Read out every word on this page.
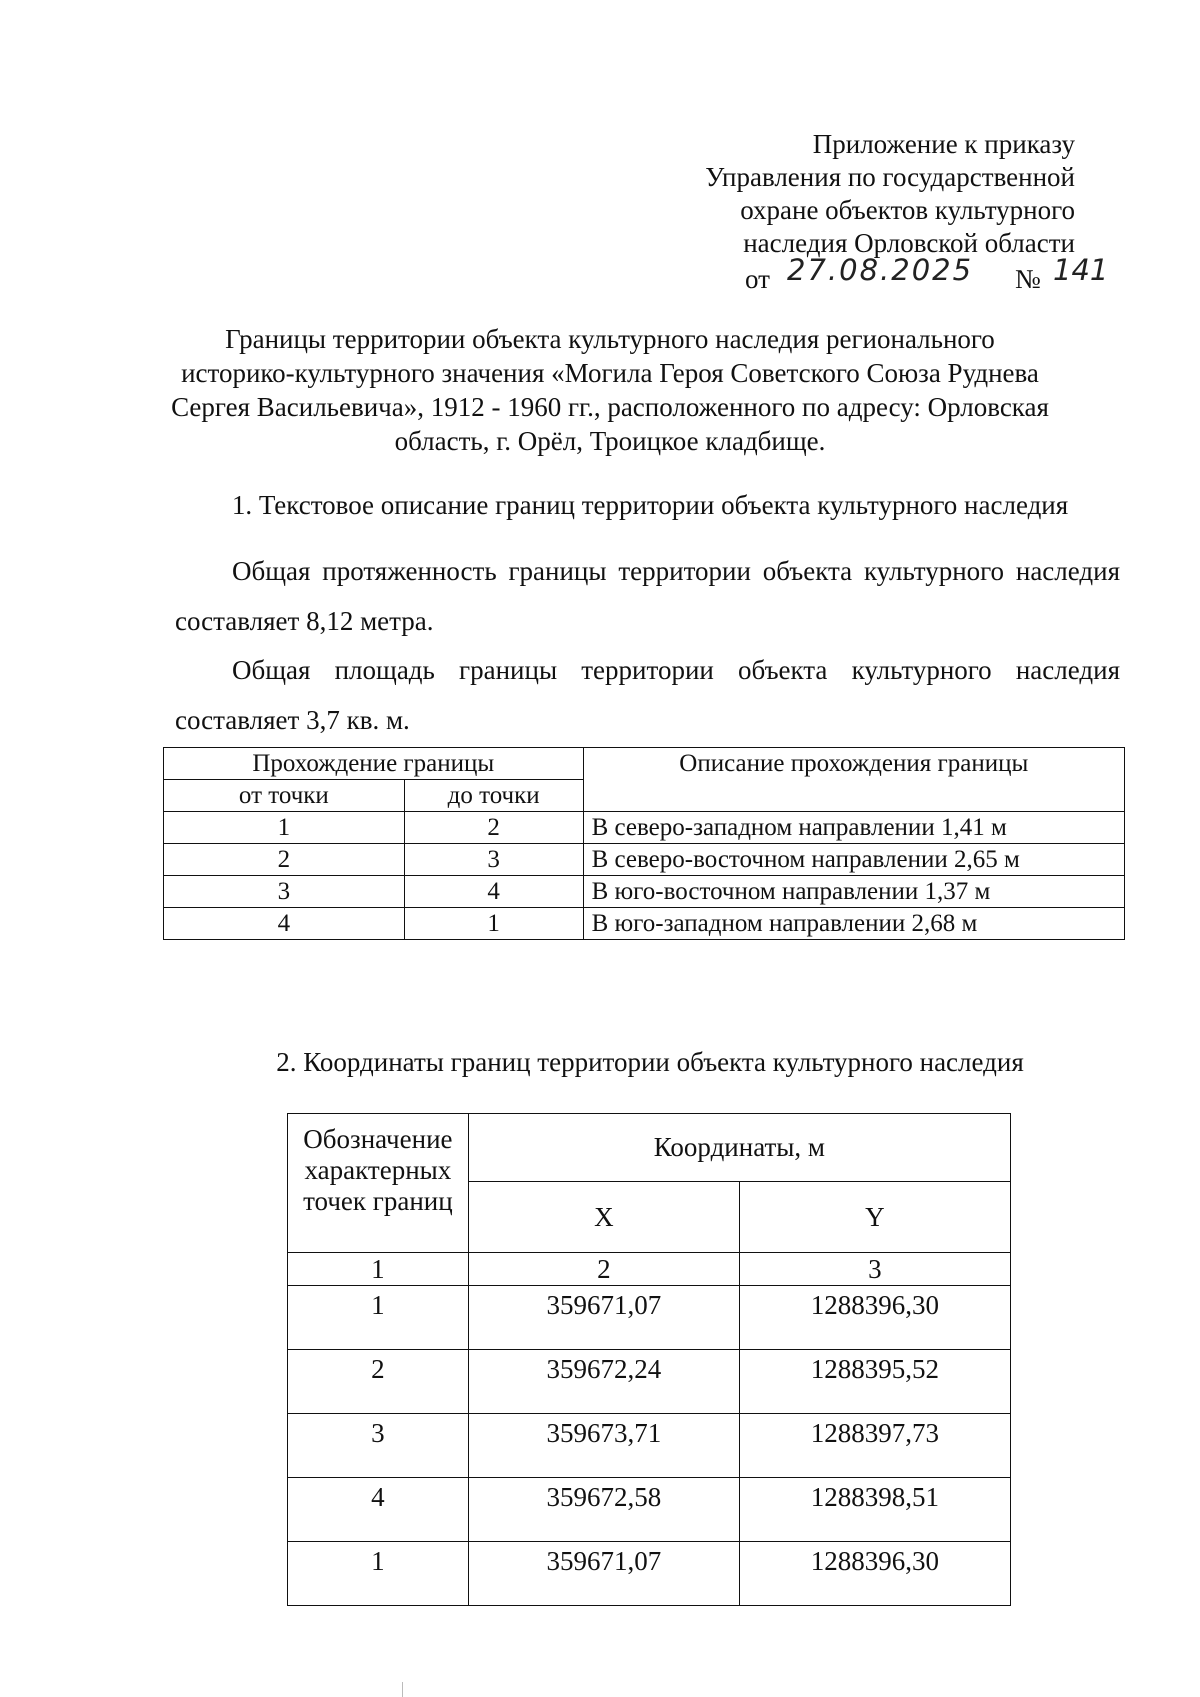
Приложение к приказу
Управления по государственной
охране объектов культурного
наследия Орловской области
от 27.08.2025 № 141
Границы территории объекта культурного наследия регионального историко-культурного значения «Могила Героя Советского Союза Руднева Сергея Васильевича», 1912 - 1960 гг., расположенного по адресу: Орловская область, г. Орёл, Троицкое кладбище.
1. Текстовое описание границ территории объекта культурного наследия
Общая протяженность границы территории объекта культурного наследия составляет 8,12 метра.
Общая площадь границы территории объекта культурного наследия составляет 3,7 кв. м.
Прохождение границы		Описание прохождения границы
от точки	до точки	
1	2	В северо-западном направлении 1,41 м
2	3	В северо-восточном направлении 2,65 м
3	4	В юго-восточном направлении 1,37 м
4	1	В юго-западном направлении 2,68 м
2. Координаты границ территории объекта культурного наследия
Обозначение характерных точек границ	Координаты, м	
	X	Y
1	2	3
1	359671,07	1288396,30
2	359672,24	1288395,52
3	359673,71	1288397,73
4	359672,58	1288398,51
1	359671,07	1288396,30
